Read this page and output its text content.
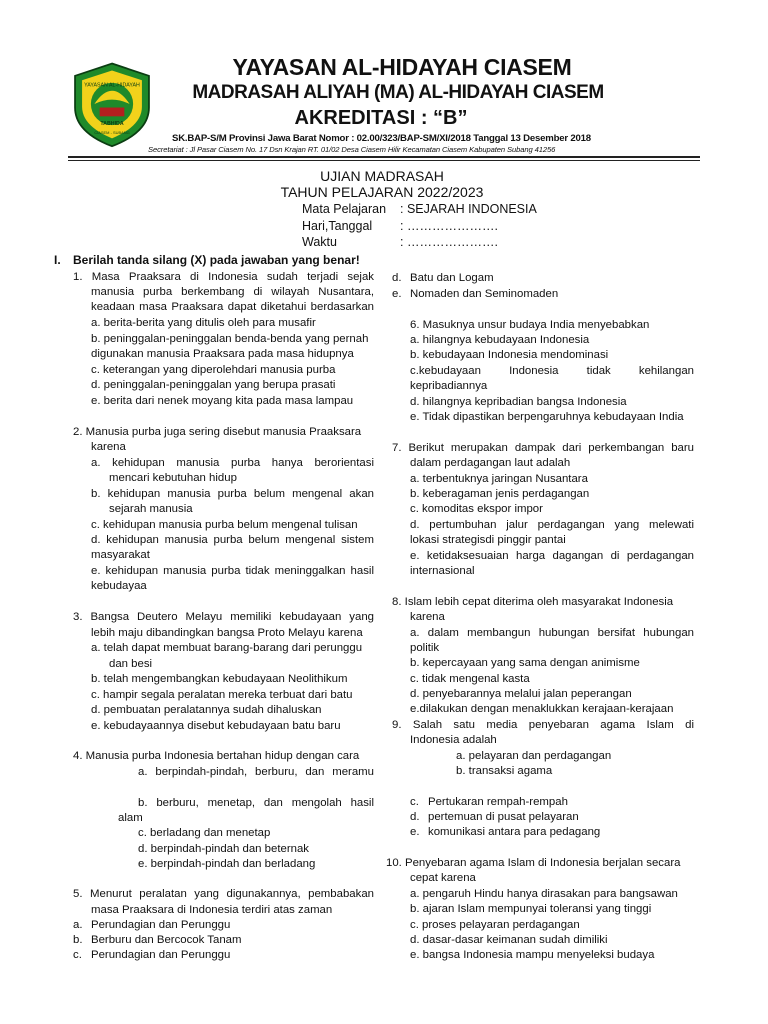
YAYASAN AL-HIDAYAH
TABHIDA
CIASEM - SUBANG
YAYASAN AL-HIDAYAH CIASEM
MADRASAH ALIYAH (MA) AL-HIDAYAH CIASEM
AKREDITASI : “B”
SK.BAP-S/M Provinsi Jawa Barat Nomor : 02.00/323/BAP-SM/XI/2018 Tanggal 13 Desember 2018
Secretariat : Jl Pasar Ciasem No. 17 Dsn Krajan RT. 01/02 Desa Ciasem Hilir Kecamatan Ciasem Kabupaten Subang 41256
UJIAN MADRASAH
TAHUN PELAJARAN 2022/2023
Mata Pelajaran : SEJARAH INDONESIA
Hari,Tanggal : ………………….
Waktu	: ………………….
I. Berilah tanda silang (X) pada jawaban yang benar!
1. Masa Praaksara di Indonesia sudah terjadi sejak
manusia purba berkembang di wilayah Nusantara,
keadaan masa Praaksara dapat diketahui berdasarkan
a. berita-berita yang ditulis oleh para musafir
b. peninggalan-peninggalan benda-benda yang pernah
digunakan manusia Praaksara pada masa hidupnya
c. keterangan yang diperolehdari manusia purba
d. peninggalan-peninggalan yang berupa prasati
e. berita dari nenek moyang kita pada masa lampau
2. Manusia purba juga sering disebut manusia Praaksara
karena
a. kehidupan manusia purba hanya berorientasi
mencari kebutuhan hidup
b. kehidupan manusia purba belum mengenal akan
sejarah manusia
c. kehidupan manusia purba belum mengenal tulisan
d. kehidupan manusia purba belum mengenal sistem
masyarakat
e. kehidupan manusia purba tidak meninggalkan hasil
kebudayaa
3. Bangsa Deutero Melayu memiliki kebudayaan yang
lebih maju dibandingkan bangsa Proto Melayu karena
a. telah dapat membuat barang-barang dari perunggu
dan besi
b. telah mengembangkan kebudayaan Neolithikum
c. hampir segala peralatan mereka terbuat dari batu
d. pembuatan peralatannya sudah dihaluskan
e. kebudayaannya disebut kebudayaan batu baru
4. Manusia purba Indonesia bertahan hidup dengan cara
a. berpindah-pindah, berburu, dan meramu
b. berburu, menetap, dan mengolah hasil
alam
c. berladang dan menetap
d. berpindah-pindah dan beternak
e. berpindah-pindah dan berladang
5. Menurut peralatan yang digunakannya, pembabakan
masa Praaksara di Indonesia terdiri atas zaman
a. Perundagian dan Perunggu
b. Berburu dan Bercocok Tanam
c. Perundagian dan Perunggu
d. Batu dan Logam
e. Nomaden dan Seminomaden
6. Masuknya unsur budaya India menyebabkan
a. hilangnya kebudayaan Indonesia
b. kebudayaan Indonesia mendominasi
c.kebudayaan Indonesia tidak kehilangan
kepribadiannya
d. hilangnya kepribadian bangsa Indonesia
e. Tidak dipastikan berpengaruhnya kebudayaan India
7. Berikut merupakan dampak dari perkembangan baru
dalam perdagangan laut adalah
a. terbentuknya jaringan Nusantara
b. keberagaman jenis perdagangan
c. komoditas ekspor impor
d. pertumbuhan jalur perdagangan yang melewati
lokasi strategisdi pinggir pantai
e. ketidaksesuaian harga dagangan di perdagangan
internasional
8. Islam lebih cepat diterima oleh masyarakat Indonesia
karena
a. dalam membangun hubungan bersifat hubungan
politik
b. kepercayaan yang sama dengan animisme
c. tidak mengenal kasta
d. penyebarannya melalui jalan peperangan
e.dilakukan dengan menaklukkan kerajaan-kerajaan
9. Salah satu media penyebaran agama Islam di
Indonesia adalah
a. pelayaran dan perdagangan
b. transaksi agama
c. Pertukaran rempah-rempah
d. pertemuan di pusat pelayaran
e. komunikasi antara para pedagang
10. Penyebaran agama Islam di Indonesia berjalan secara
cepat karena
a. pengaruh Hindu hanya dirasakan para bangsawan
b. ajaran Islam mempunyai toleransi yang tinggi
c. proses pelayaran perdagangan
d. dasar-dasar keimanan sudah dimiliki
e. bangsa Indonesia mampu menyeleksi budaya
